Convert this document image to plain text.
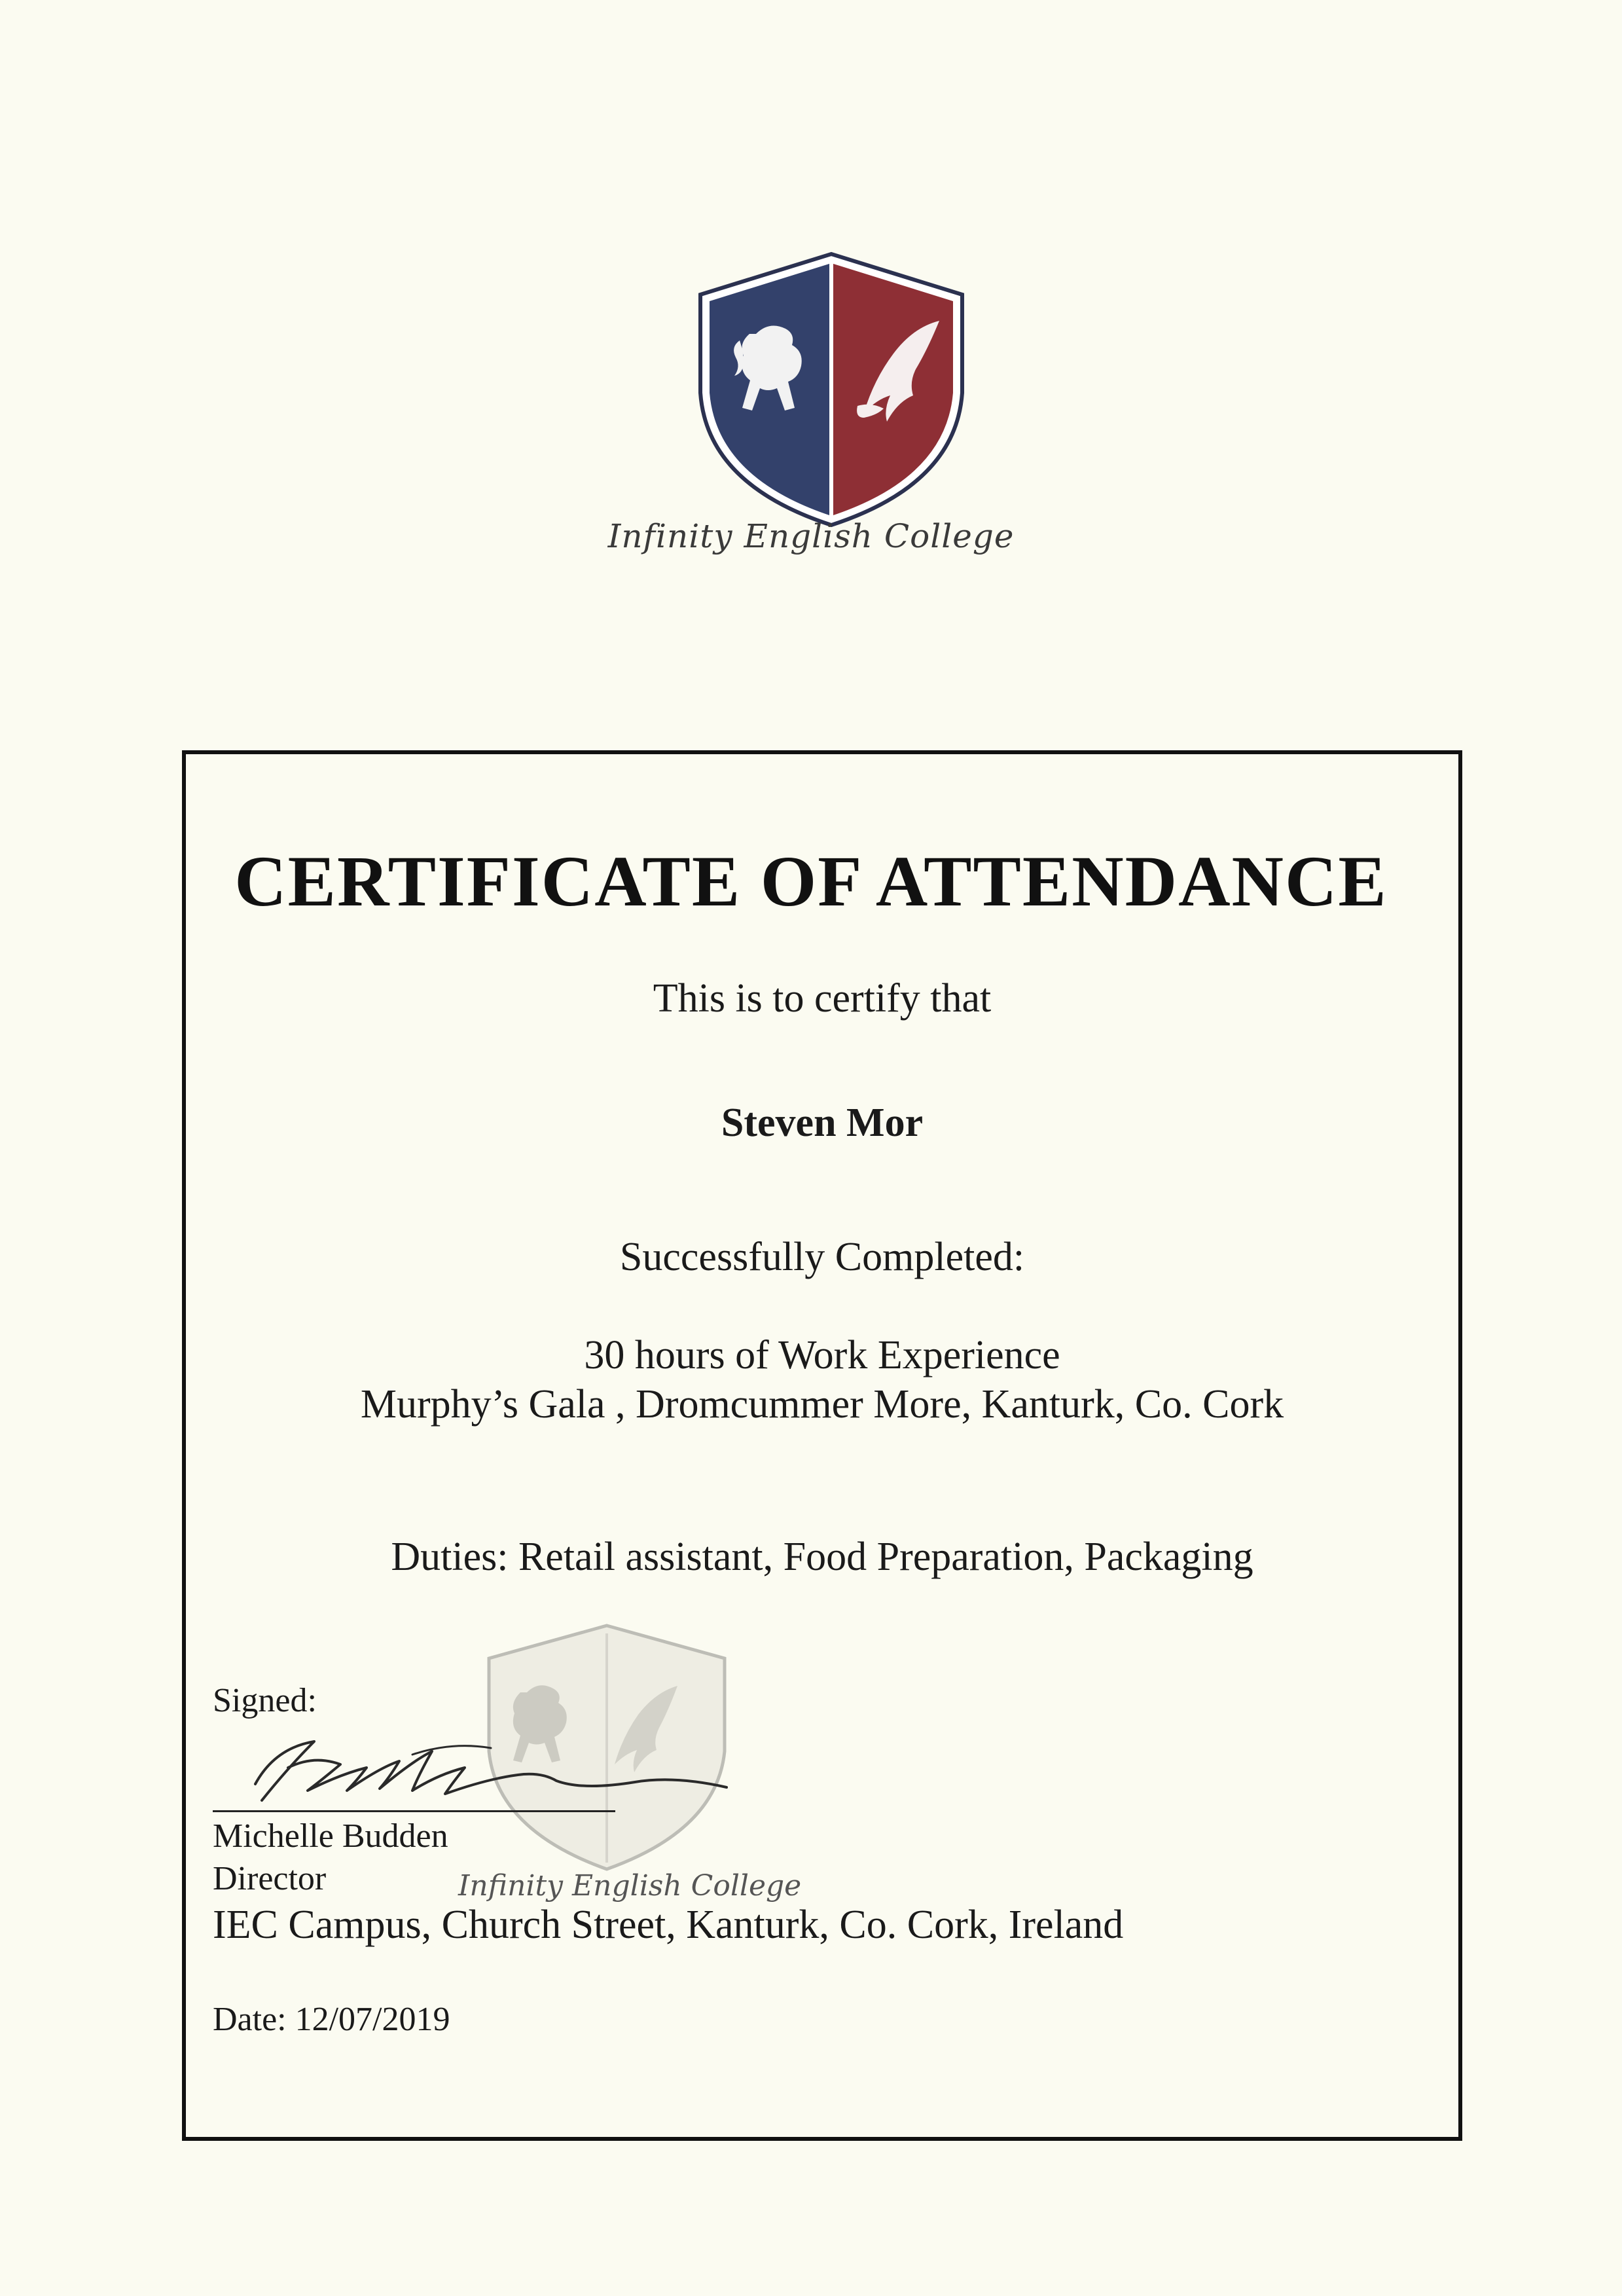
Infinity English College
CERTIFICATE OF ATTENDANCE
This is to certify that
Steven Mor
Successfully Completed:
30 hours of Work Experience
Murphy’s Gala , Dromcummer More, Kanturk, Co. Cork
Duties: Retail assistant, Food Preparation, Packaging
Infinity English College
Signed:
Michelle Budden
Director
IEC Campus, Church Street, Kanturk, Co. Cork, Ireland
Date: 12/07/2019
